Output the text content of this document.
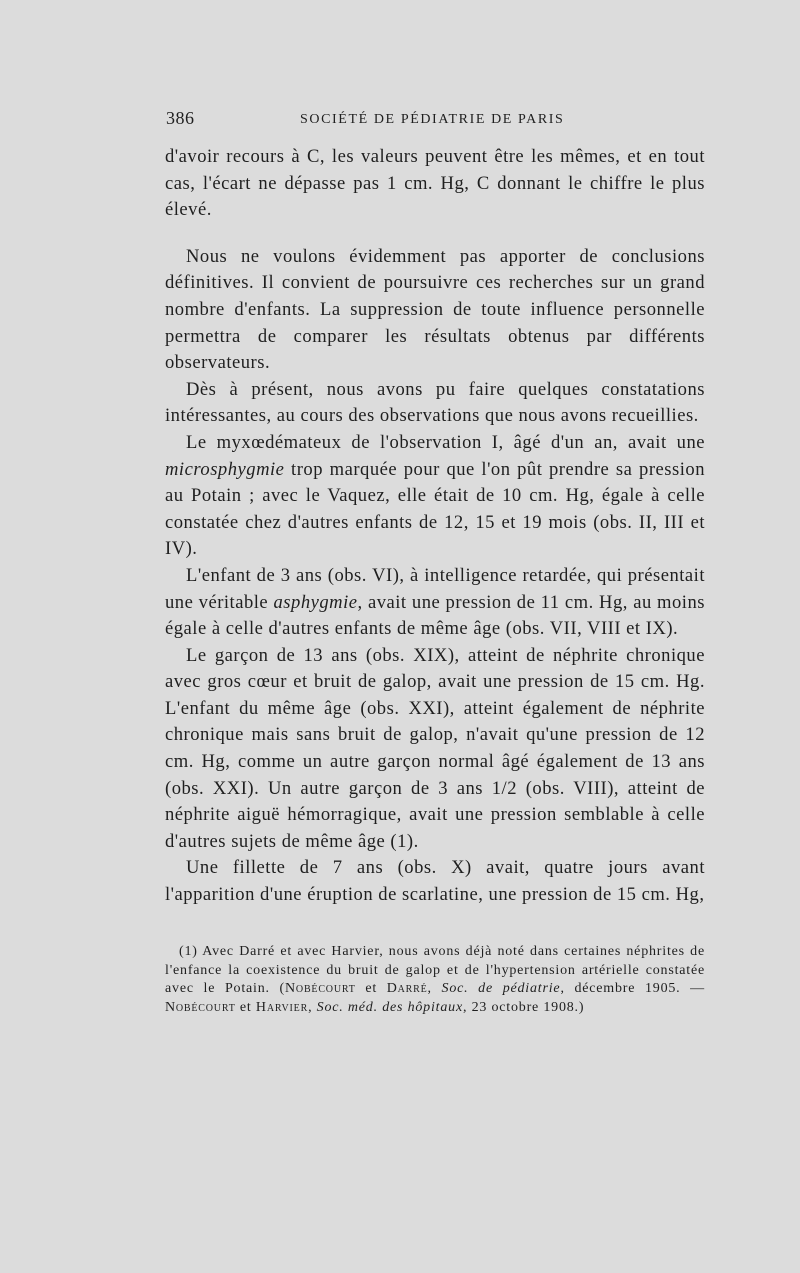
386	SOCIÉTÉ DE PÉDIATRIE DE PARIS

d'avoir recours à C, les valeurs peuvent être les mêmes, et en tout cas, l'écart ne dépasse pas 1 cm. Hg, C donnant le chiffre le plus élevé.

Nous ne voulons évidemment pas apporter de conclusions définitives. Il convient de poursuivre ces recherches sur un grand nombre d'enfants. La suppression de toute influence personnelle permettra de comparer les résultats obtenus par différents observateurs.

Dès à présent, nous avons pu faire quelques constatations intéressantes, au cours des observations que nous avons recueillies.

Le myxœdémateux de l'observation I, âgé d'un an, avait une microsphygmie trop marquée pour que l'on pût prendre sa pression au Potain ; avec le Vaquez, elle était de 10 cm. Hg, égale à celle constatée chez d'autres enfants de 12, 15 et 19 mois (obs. II, III et IV).

L'enfant de 3 ans (obs. VI), à intelligence retardée, qui présentait une véritable asphygmie, avait une pression de 11 cm. Hg, au moins égale à celle d'autres enfants de même âge (obs. VII, VIII et IX).

Le garçon de 13 ans (obs. XIX), atteint de néphrite chronique avec gros cœur et bruit de galop, avait une pression de 15 cm. Hg. L'enfant du même âge (obs. XXI), atteint également de néphrite chronique mais sans bruit de galop, n'avait qu'une pression de 12 cm. Hg, comme un autre garçon normal âgé également de 13 ans (obs. XXI). Un autre garçon de 3 ans 1/2 (obs. VIII), atteint de néphrite aiguë hémorragique, avait une pression semblable à celle d'autres sujets de même âge (1).

Une fillette de 7 ans (obs. X) avait, quatre jours avant l'apparition d'une éruption de scarlatine, une pression de 15 cm. Hg,

(1) Avec Darré et avec Harvier, nous avons déjà noté dans certaines néphrites de l'enfance la coexistence du bruit de galop et de l'hypertension artérielle constatée avec le Potain. (Nobécourt et Darré, Soc. de pédiatrie, décembre 1905. — Nobécourt et Harvier, Soc. méd. des hôpitaux, 23 octobre 1908.)
